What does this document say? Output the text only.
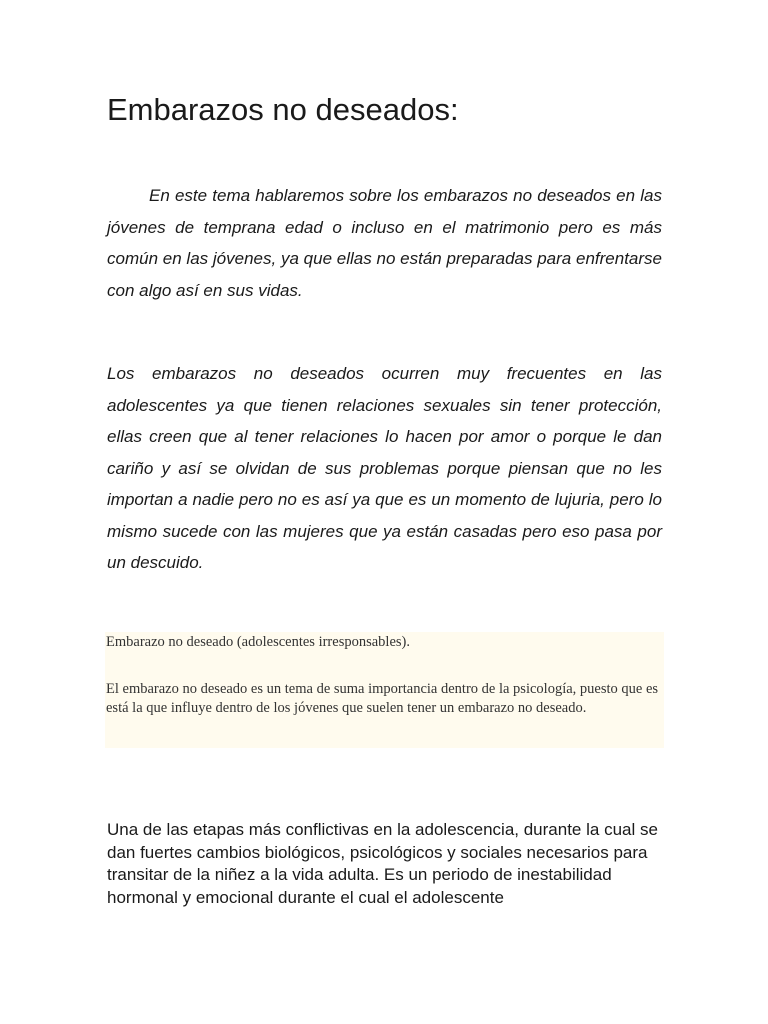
Embarazos no deseados:

En este tema hablaremos sobre los embarazos no deseados en las jóvenes de temprana edad o incluso en el matrimonio pero es más común en las jóvenes, ya que ellas no están preparadas para enfrentarse con algo así en sus vidas.

Los embarazos no deseados ocurren muy frecuentes en las adolescentes ya que tienen relaciones sexuales sin tener protección, ellas creen que al tener relaciones lo hacen por amor o porque le dan cariño y así se olvidan de sus problemas porque piensan que no les importan a nadie pero no es así ya que es un momento de lujuria, pero lo mismo sucede con las mujeres que ya están casadas pero eso pasa por un descuido.

Embarazo no deseado (adolescentes irresponsables).

El embarazo no deseado es un tema de suma importancia dentro de la psicología, puesto que es está la que influye dentro de los jóvenes que suelen tener un embarazo no deseado.

Una de las etapas más conflictivas en la adolescencia, durante la cual se dan fuertes cambios biológicos, psicológicos y sociales necesarios para transitar de la niñez a la vida adulta. Es un periodo de inestabilidad hormonal y emocional durante el cual el adolescente
